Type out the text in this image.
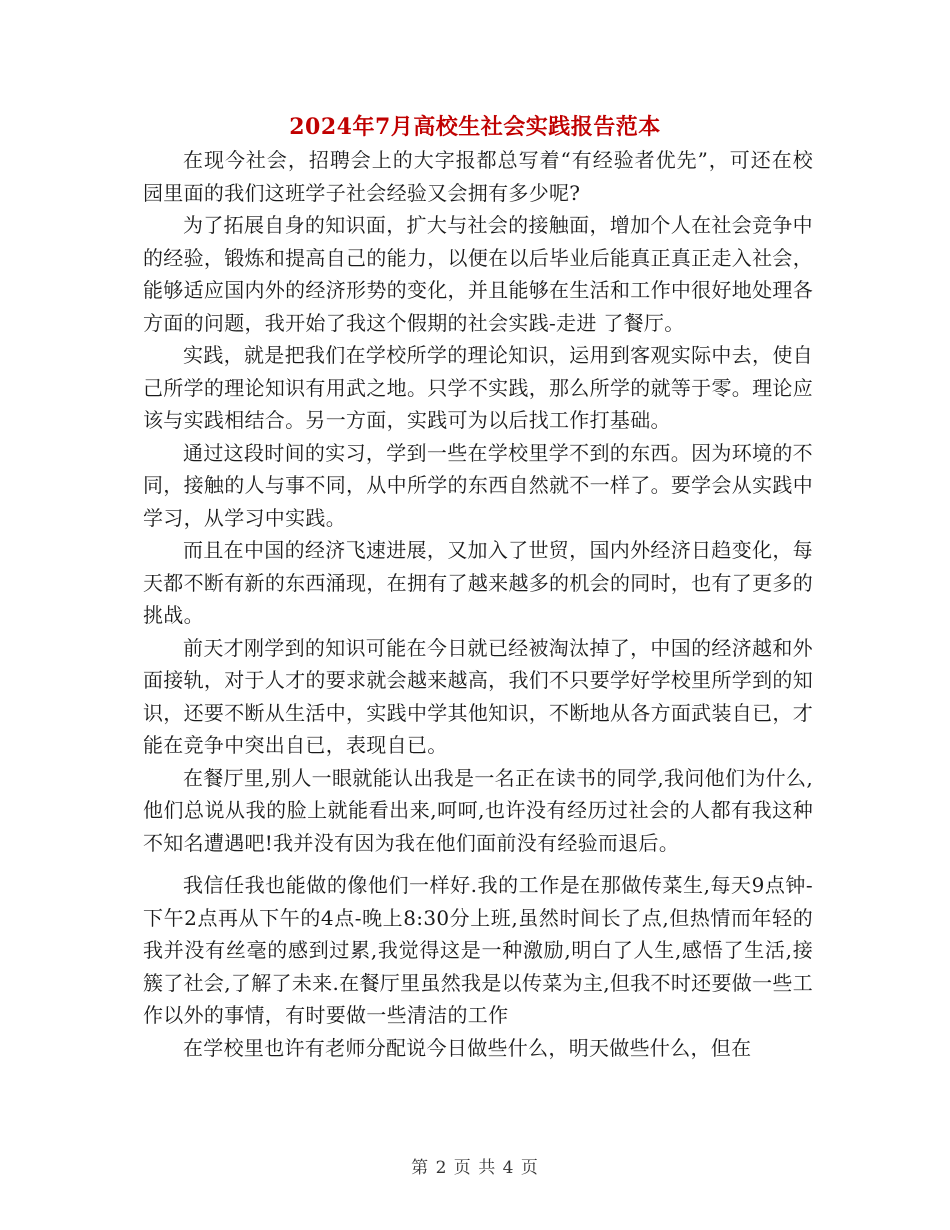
2024年7月高校生社会实践报告范本

在现今社会，招聘会上的大字报都总写着“有经验者优先”，可还在校园里面的我们这班学子社会经验又会拥有多少呢?

为了拓展自身的知识面，扩大与社会的接触面，增加个人在社会竞争中的经验，锻炼和提高自己的能力，以便在以后毕业后能真正真正走入社会，能够适应国内外的经济形势的变化，并且能够在生活和工作中很好地处理各方面的问题，我开始了我这个假期的社会实践-走进 了餐厅。

实践，就是把我们在学校所学的理论知识，运用到客观实际中去，使自己所学的理论知识有用武之地。只学不实践，那么所学的就等于零。理论应该与实践相结合。另一方面，实践可为以后找工作打基础。

通过这段时间的实习，学到一些在学校里学不到的东西。因为环境的不同，接触的人与事不同，从中所学的东西自然就不一样了。要学会从实践中学习，从学习中实践。

而且在中国的经济飞速进展，又加入了世贸，国内外经济日趋变化，每天都不断有新的东西涌现，在拥有了越来越多的机会的同时，也有了更多的挑战。

前天才刚学到的知识可能在今日就已经被淘汰掉了，中国的经济越和外面接轨，对于人才的要求就会越来越高，我们不只要学好学校里所学到的知识，还要不断从生活中，实践中学其他知识，不断地从各方面武装自已，才能在竞争中突出自已，表现自已。

在餐厅里,别人一眼就能认出我是一名正在读书的同学,我问他们为什么,他们总说从我的脸上就能看出来,呵呵,也许没有经历过社会的人都有我这种不知名遭遇吧!我并没有因为我在他们面前没有经验而退后。

我信任我也能做的像他们一样好.我的工作是在那做传菜生,每天9点钟-下午2点再从下午的4点-晚上8:30分上班,虽然时间长了点,但热情而年轻的我并没有丝毫的感到过累,我觉得这是一种激励,明白了人生,感悟了生活,接簇了社会,了解了未来.在餐厅里虽然我是以传菜为主,但我不时还要做一些工作以外的事情，有时要做一些清洁的工作

在学校里也许有老师分配说今日做些什么，明天做些什么，但在

第 2 页 共 4 页
